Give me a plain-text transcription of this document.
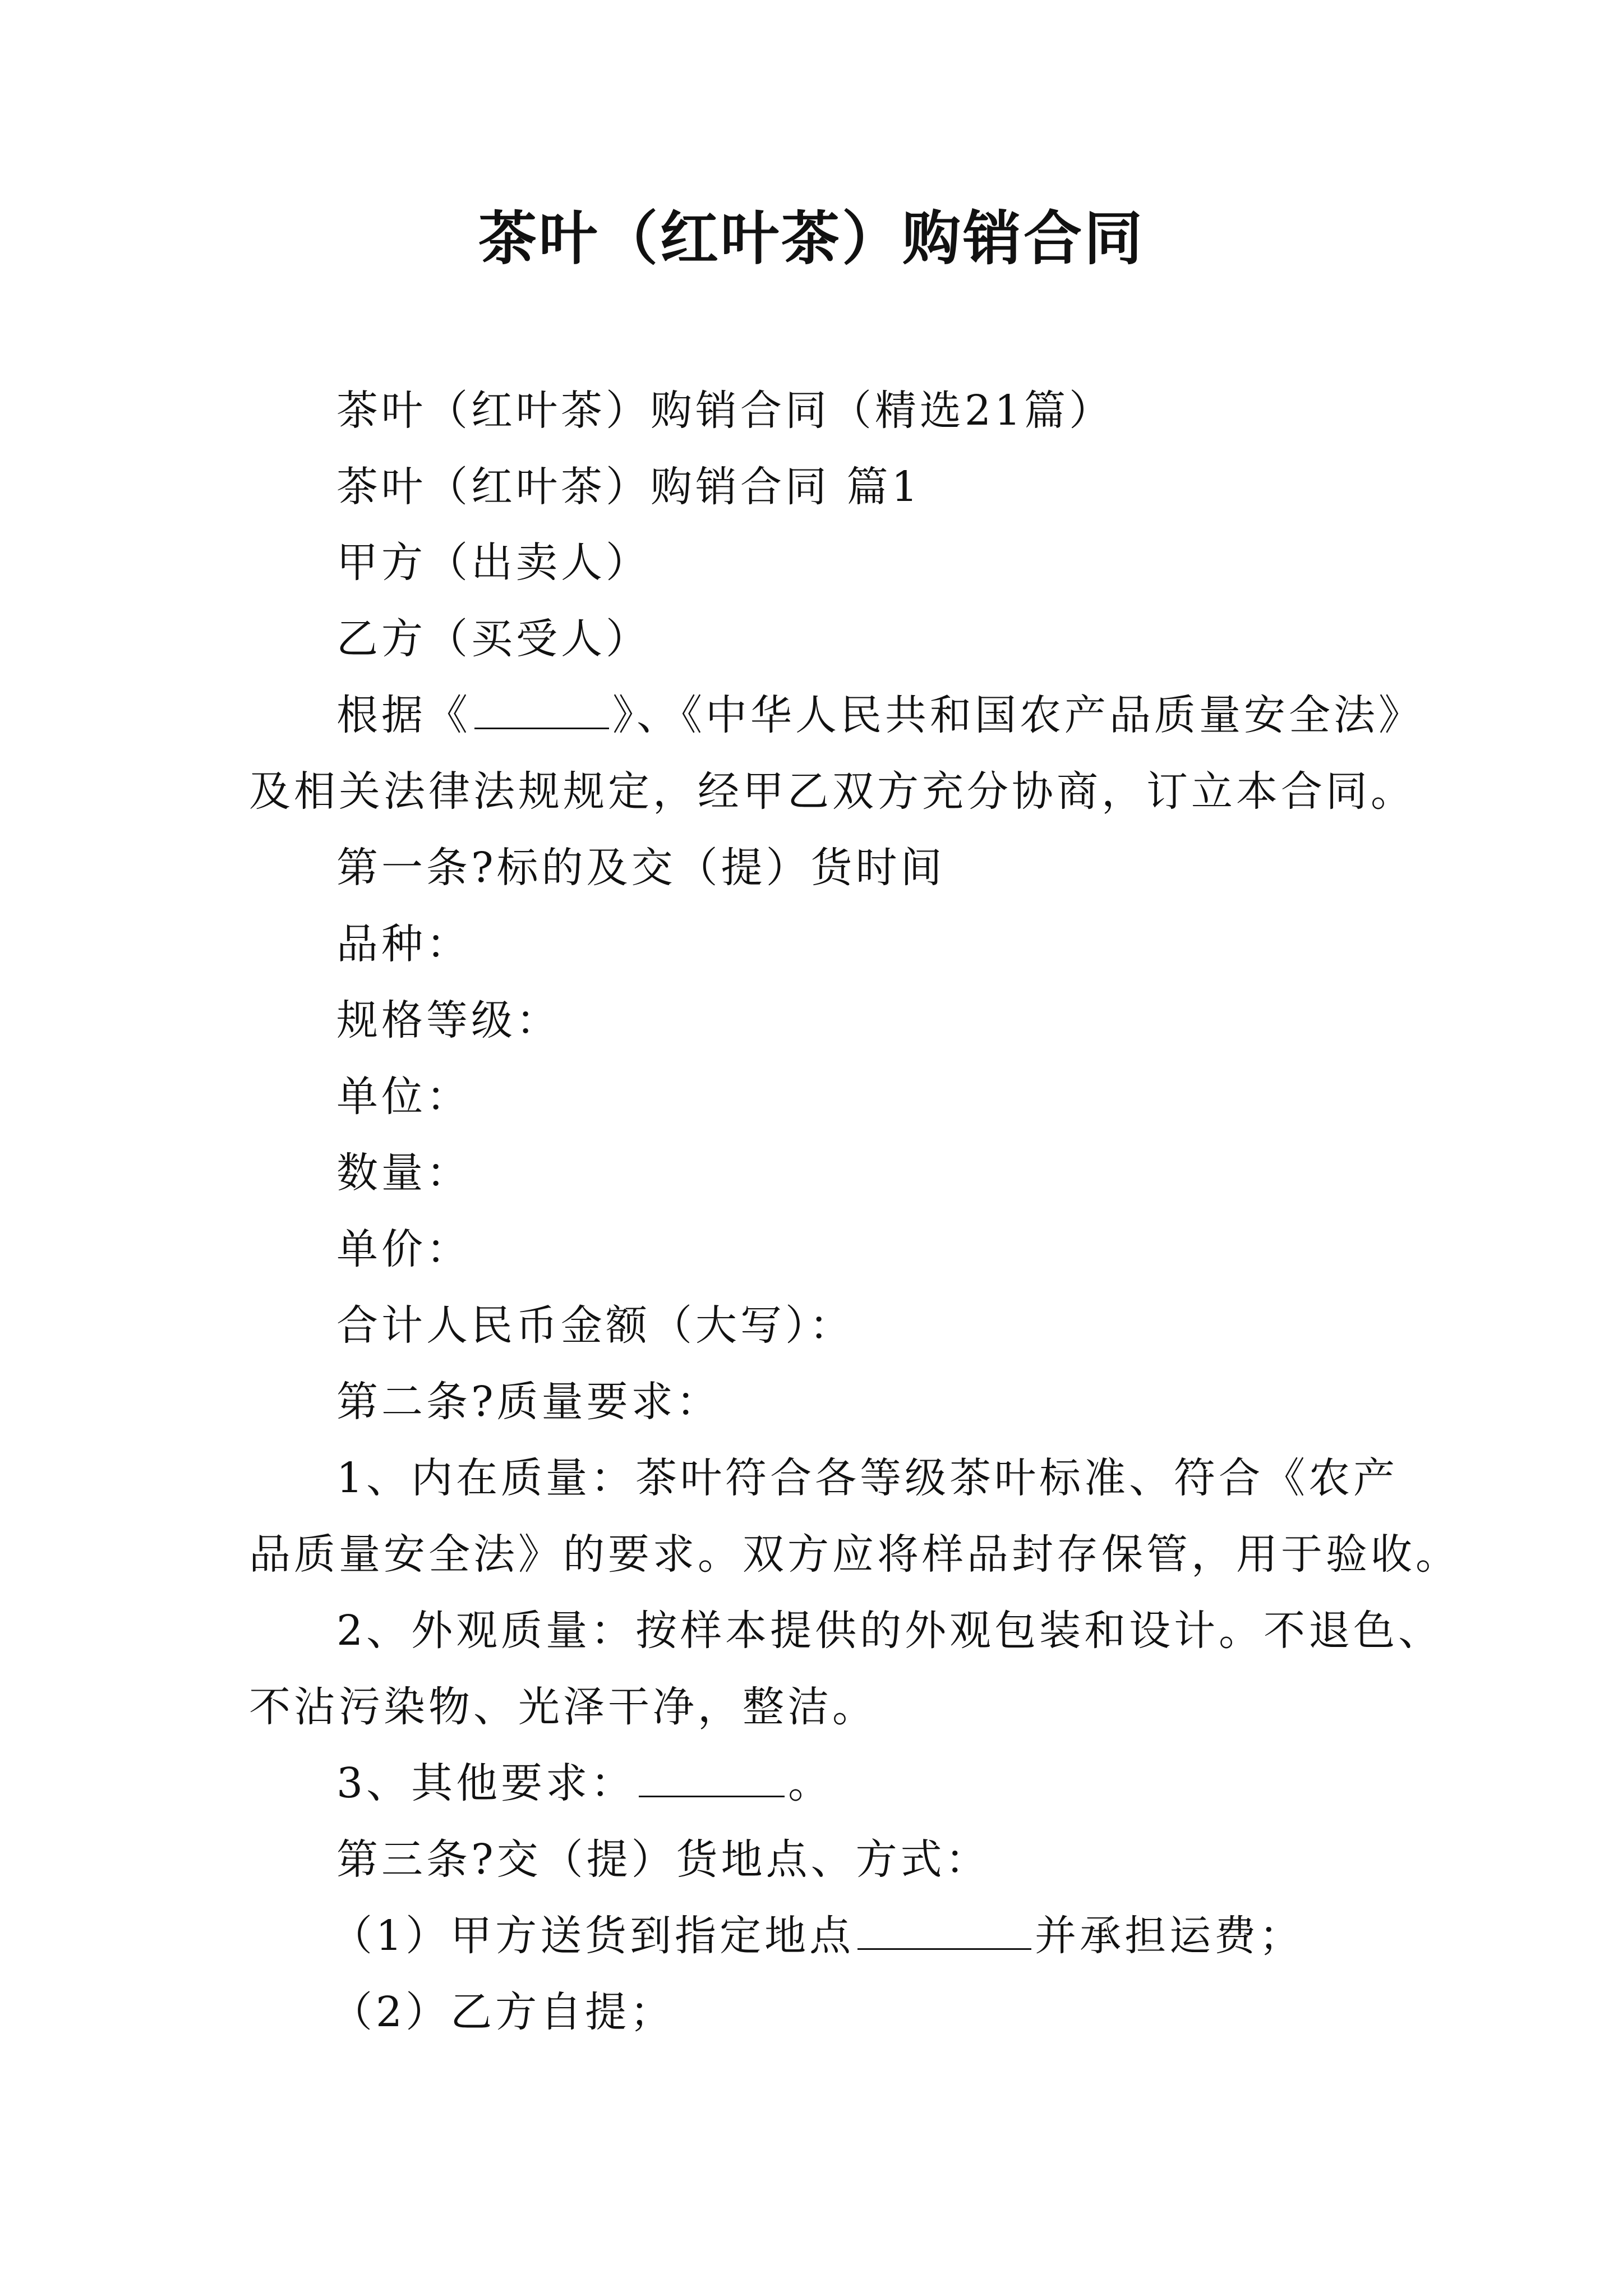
茶叶（红叶茶）购销合同
茶叶（红叶茶）购销合同（精选21篇）
茶叶（红叶茶）购销合同 篇1
甲方（出卖人）
乙方（买受人）
根据《	》、《中华人民共和国农产品质量安全法》
及相关法律法规规定，经甲乙双方充分协商，订立本合同。
第一条?标的及交（提）货时间
品种：
规格等级：
单位：
数量：
单价：
合计人民币金额（大写）：
第二条?质量要求：
1、内在质量：茶叶符合各等级茶叶标准、符合《农产
品质量安全法》的要求。双方应将样品封存保管，用于验收。
2、外观质量：按样本提供的外观包装和设计。不退色、
不沾污染物、光泽干净，整洁。
3、其他要求：	。
第三条?交（提）货地点、方式：
（1）甲方送货到指定地点	并承担运费；
（2）乙方自提；
